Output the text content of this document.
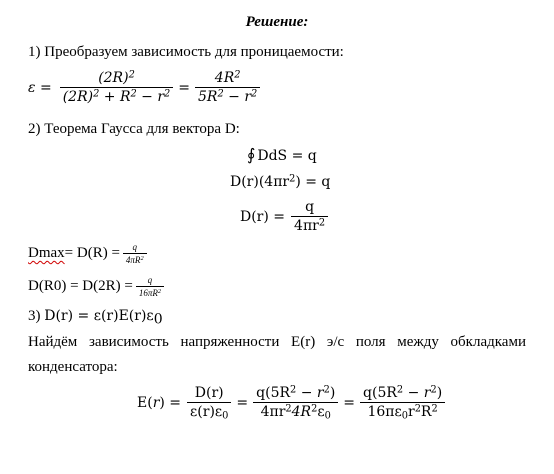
Решение:
1) Преобразуем зависимость для проницаемости:
$\varepsilon = \frac{(2R)^2}{(2R)^2 + R^2 - r^2} = \frac{4R^2}{5R^2 - r^2}$
2) Теорема Гаусса для вектора D:
∮ DdS = q
$D(r)(4\pi r^2) = q$
$D(r) = \frac{q}{4\pi r^2}$
$Dmax = D(R) = \frac{q}{4\pi R^2}$
$D(R0) = D(2R) = \frac{q}{16\pi R^2}$
3) $D(r) = \varepsilon(r)E(r)\varepsilon_0$
Найдём зависимость напряженности E(r) э/с поля между обкладками
конденсатора:
$E(r) = \frac{D(r)}{\varepsilon(r)\varepsilon_0} = \frac{q(5R^2 - r^2)}{4\pi r^24R^2\varepsilon_0} = \frac{q(5R^2 - r^2)}{16\pi\varepsilon_0r^2R^2}$
